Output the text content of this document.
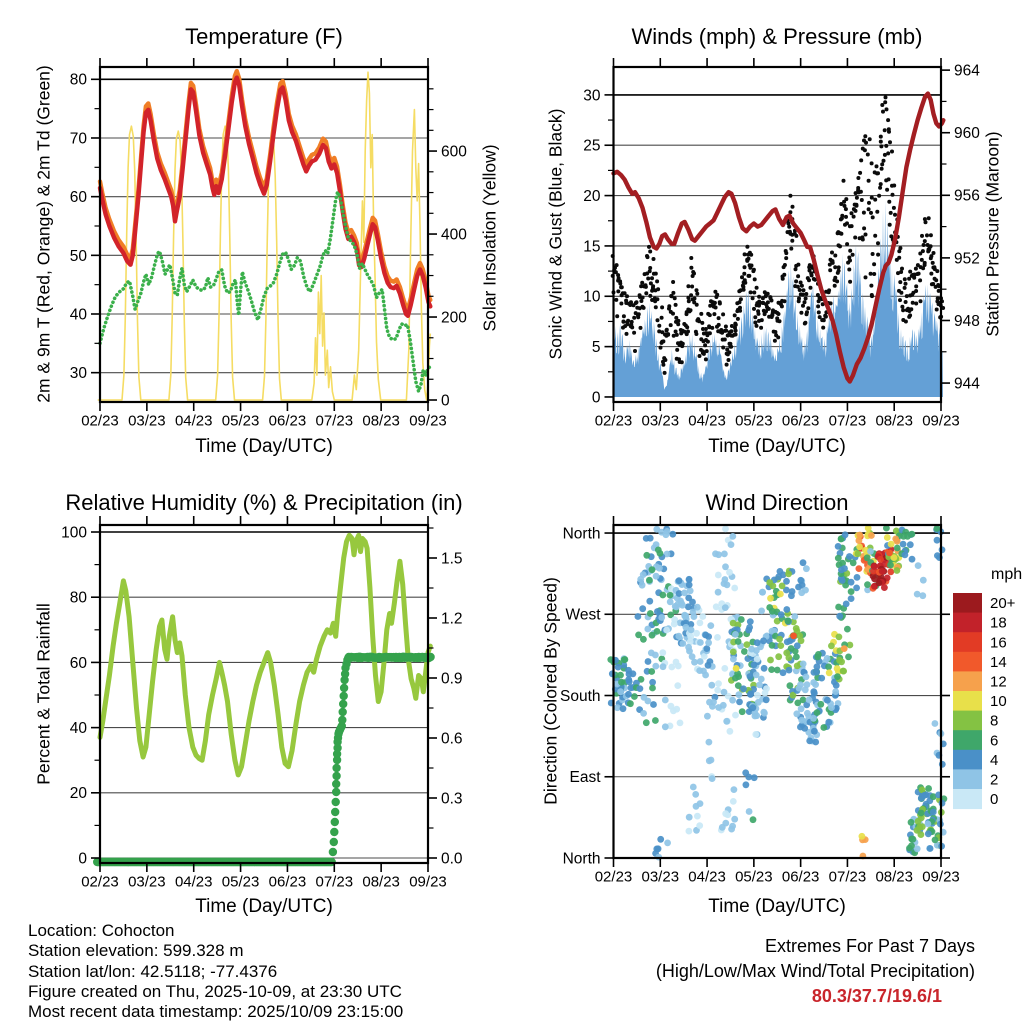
02/23 03/23 04/23 05/23 06/23 07/23 08/23 09/23
30
40
50
60
70
80
0
200
400
600
02/23 03/23 04/23 05/23 06/23 07/23 08/23 09/23
0
5
10
15
20
25
30
944
948
952
956
960
964
02/23 03/23 04/23 05/23 06/23 07/23 08/23 09/23
0
20
40
60
80
100
0.0
0.3
0.6
0.9
1.2
1.5
20+
18
16
14
12
10
8
6
4
2
0
02/23 03/23 04/23 05/23 06/23 07/23 08/23 09/23
North
West
South
East
North
Temperature (F)	Winds (mph) & Pressure (mb)
Relative Humidity (%) & Precipitation (in)	Wind Direction
2m & 9m T (Red, Orange) & 2m Td (Green)	Solar Insolation (Yellow)	Sonic Wind & Gust (Blue, Black)	Station Pressure (Maroon)
Percent & Total Rainfall	Direction (Colored By Speed)
Time (Day/UTC)	Time (Day/UTC)
Time (Day/UTC)	Time (Day/UTC)
mph
Location: Cohocton
Station elevation: 599.328 m
Station lat/lon: 42.5118; -77.4376
Figure created on Thu, 2025-10-09, at 23:30 UTC
Most recent data timestamp: 2025/10/09 23:15:00
Extremes For Past 7 Days
(High/Low/Max Wind/Total Precipitation)
80.3/37.7/19.6/1
